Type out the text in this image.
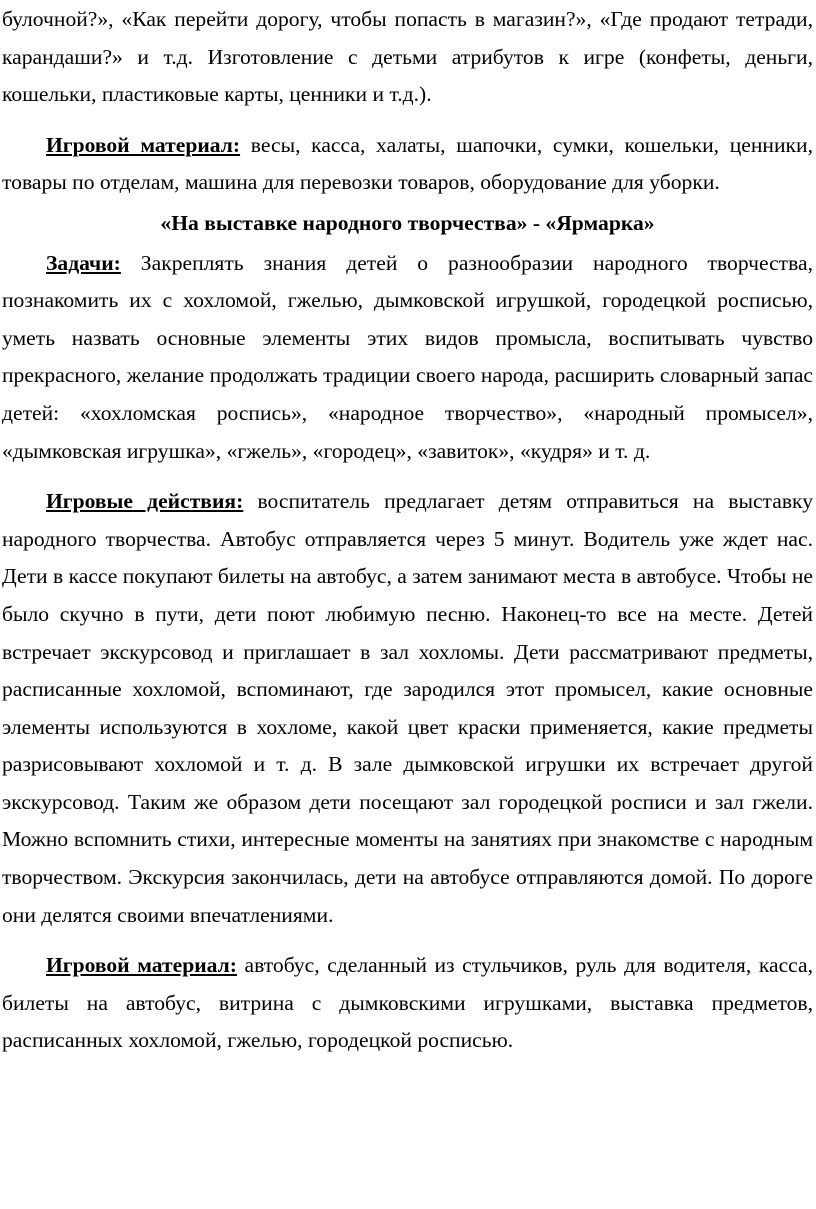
булочной?», «Как перейти дорогу, чтобы попасть в магазин?», «Где продают тетради, карандаши?» и т.д. Изготовление с детьми атрибутов к игре (конфеты, деньги, кошельки, пластиковые карты, ценники и т.д.).

Игровой материал: весы, касса, халаты, шапочки, сумки, кошельки, ценники, товары по отделам, машина для перевозки товаров, оборудование для уборки.

«На выставке народного творчества» - «Ярмарка»

Задачи: Закреплять знания детей о разнообразии народного творчества, познакомить их с хохломой, гжелью, дымковской игрушкой, городецкой росписью, уметь назвать основные элементы этих видов промысла, воспитывать чувство прекрасного, желание продолжать традиции своего народа, расширить словарный запас детей: «хохломская роспись», «народное творчество», «народный промысел», «дымковская игрушка», «гжель», «городец», «завиток», «кудря» и т. д.

Игровые действия: воспитатель предлагает детям отправиться на выставку народного творчества. Автобус отправляется через 5 минут. Водитель уже ждет нас. Дети в кассе покупают билеты на автобус, а затем занимают места в автобусе. Чтобы не было скучно в пути, дети поют любимую песню. Наконец-то все на месте. Детей встречает экскурсовод и приглашает в зал хохломы. Дети рассматривают предметы, расписанные хохломой, вспоминают, где зародился этот промысел, какие основные элементы используются в хохломе, какой цвет краски применяется, какие предметы разрисовывают хохломой и т. д. В зале дымковской игрушки их встречает другой экскурсовод. Таким же образом дети посещают зал городецкой росписи и зал гжели. Можно вспомнить стихи, интересные моменты на занятиях при знакомстве с народным творчеством. Экскурсия закончилась, дети на автобусе отправляются домой. По дороге они делятся своими впечатлениями.

Игровой материал: автобус, сделанный из стульчиков, руль для водителя, касса, билеты на автобус, витрина с дымковскими игрушками, выставка предметов, расписанных хохломой, гжелью, городецкой росписью.
